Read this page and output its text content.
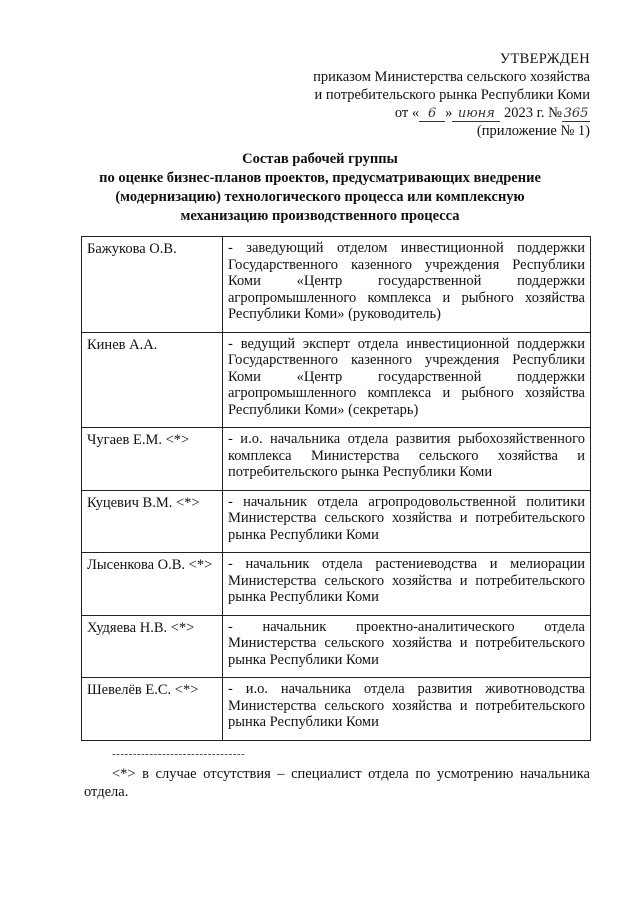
УТВЕРЖДЕН
приказом Министерства сельского хозяйства
и потребительского рынка Республики Коми
от « 6 » июня 2023 г. № 365
(приложение № 1)
Состав рабочей группы
по оценке бизнес-планов проектов, предусматривающих внедрение
(модернизацию) технологического процесса или комплексную
механизацию производственного процесса
Бажукова О.В.	- заведующий отделом инвестиционной поддержки Государственного казенного учреждения Республики Коми «Центр государственной поддержки агропромышленного комплекса и рыбного хозяйства Республики Коми» (руководитель)
Кинев А.А.	- ведущий эксперт отдела инвестиционной поддержки Государственного казенного учреждения Республики Коми «Центр государственной поддержки агропромышленного комплекса и рыбного хозяйства Республики Коми» (секретарь)
Чугаев Е.М. <*>	- и.о. начальника отдела развития рыбохозяйственного комплекса Министерства сельского хозяйства и потребительского рынка Республики Коми
Куцевич В.М. <*>	- начальник отдела агропродовольственной политики Министерства сельского хозяйства и потребительского рынка Республики Коми
Лысенкова О.В. <*>	- начальник отдела растениеводства и мелиорации Министерства сельского хозяйства и потребительского рынка Республики Коми
Худяева Н.В. <*>	- начальник проектно-аналитического отдела Министерства сельского хозяйства и потребительского рынка Республики Коми
Шевелёв Е.С. <*>	- и.о. начальника отдела развития животноводства Министерства сельского хозяйства и потребительского рынка Республики Коми
--------------------------------
<*> в случае отсутствия – специалист отдела по усмотрению начальника отдела.
